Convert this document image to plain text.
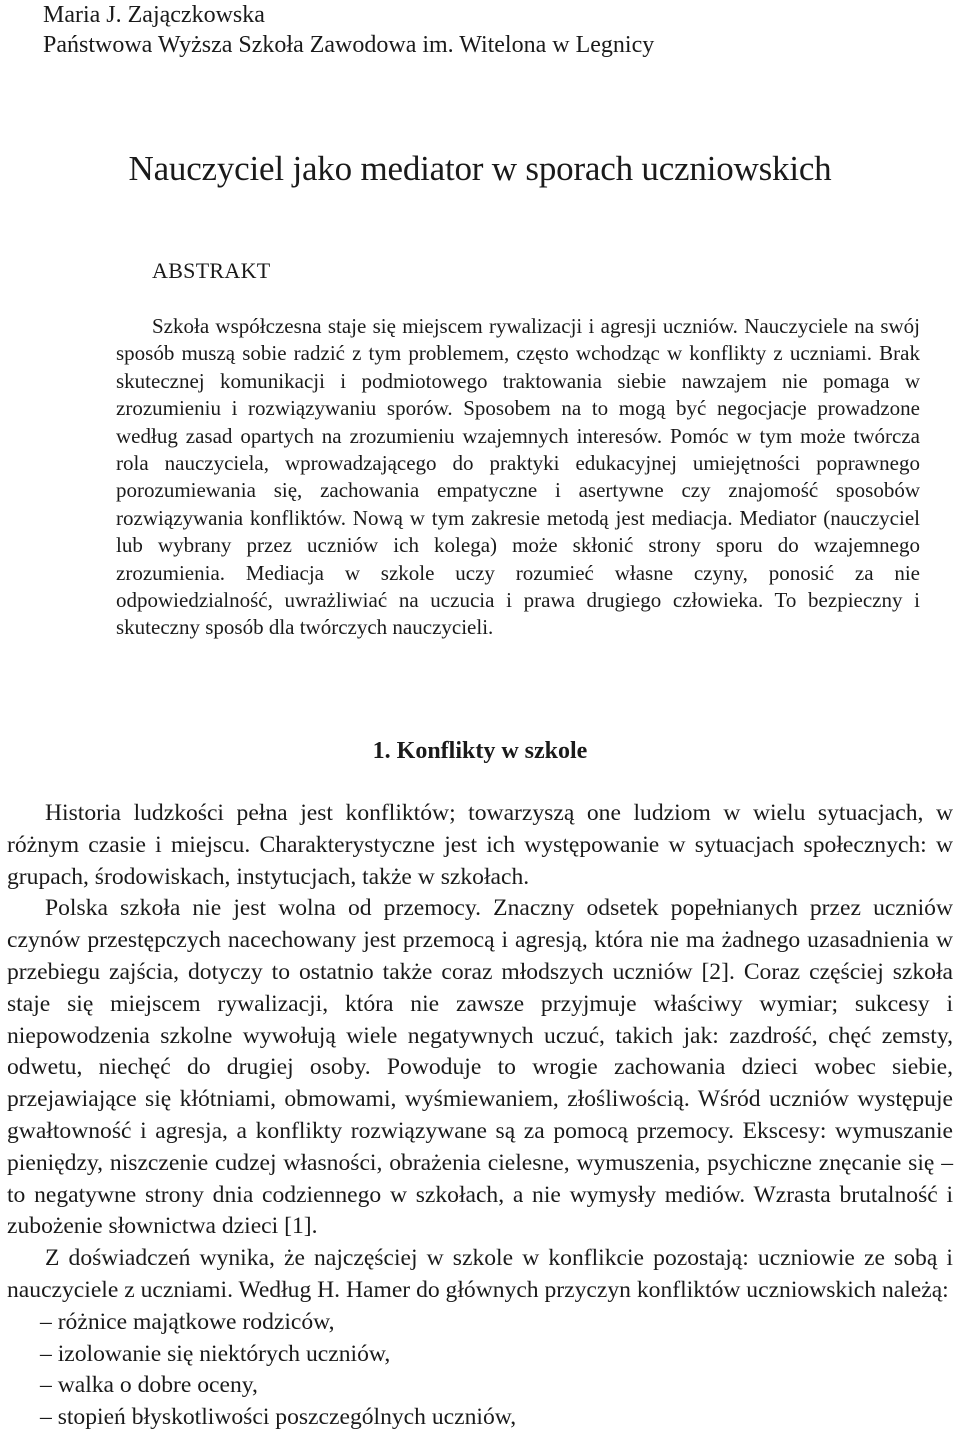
Maria J. Zajączkowska
Państwowa Wyższa Szkoła Zawodowa im. Witelona w Legnicy
Nauczyciel jako mediator w sporach uczniowskich
ABSTRAKT

Szkoła współczesna staje się miejscem rywalizacji i agresji uczniów. Nauczyciele na swój sposób muszą sobie radzić z tym problemem, często wchodząc w konflikty z uczniami. Brak skutecznej komunikacji i podmiotowego traktowania siebie nawzajem nie pomaga w zrozumieniu i rozwiązywaniu sporów. Sposobem na to mogą być negocjacje prowadzone według zasad opartych na zrozumieniu wzajemnych interesów. Pomóc w tym może twórcza rola nauczyciela, wprowadzającego do praktyki edukacyjnej umiejętności poprawnego porozumiewania się, zachowania empatyczne i asertywne czy znajomość sposobów rozwiązywania konfliktów. Nową w tym zakresie metodą jest mediacja. Mediator (nauczyciel lub wybrany przez uczniów ich kolega) może skłonić strony sporu do wzajemnego zrozumienia. Mediacja w szkole uczy rozumieć własne czyny, ponosić za nie odpowiedzialność, uwrażliwiać na uczucia i prawa drugiego człowieka. To bezpieczny i skuteczny sposób dla twórczych nauczycieli.

1. Konflikty w szkole

Historia ludzkości pełna jest konfliktów; towarzyszą one ludziom w wielu sytuacjach, w różnym czasie i miejscu. Charakterystyczne jest ich występowanie w sytuacjach społecznych: w grupach, środowiskach, instytucjach, także w szkołach.

Polska szkoła nie jest wolna od przemocy. Znaczny odsetek popełnianych przez uczniów czynów przestępczych nacechowany jest przemocą i agresją, która nie ma żadnego uzasadnienia w przebiegu zajścia, dotyczy to ostatnio także coraz młodszych uczniów [2]. Coraz częściej szkoła staje się miejscem rywalizacji, która nie zawsze przyjmuje właściwy wymiar; sukcesy i niepowodzenia szkolne wywołują wiele negatywnych uczuć, takich jak: zazdrość, chęć zemsty, odwetu, niechęć do drugiej osoby. Powoduje to wrogie zachowania dzieci wobec siebie, przejawiające się kłótniami, obmowami, wyśmiewaniem, złośliwością. Wśród uczniów występuje gwałtowność i agresja, a konflikty rozwiązywane są za pomocą przemocy. Ekscesy: wymuszanie pieniędzy, niszczenie cudzej własności, obrażenia cielesne, wymuszenia, psychiczne znęcanie się – to negatywne strony dnia codziennego w szkołach, a nie wymysły mediów. Wzrasta brutalność i zubożenie słownictwa dzieci [1].

Z doświadczeń wynika, że najczęściej w szkole w konflikcie pozostają: uczniowie ze sobą i nauczyciele z uczniami. Według H. Hamer do głównych przyczyn konfliktów uczniowskich należą:

– różnice majątkowe rodziców,
– izolowanie się niektórych uczniów,
– walka o dobre oceny,
– stopień błyskotliwości poszczególnych uczniów,
